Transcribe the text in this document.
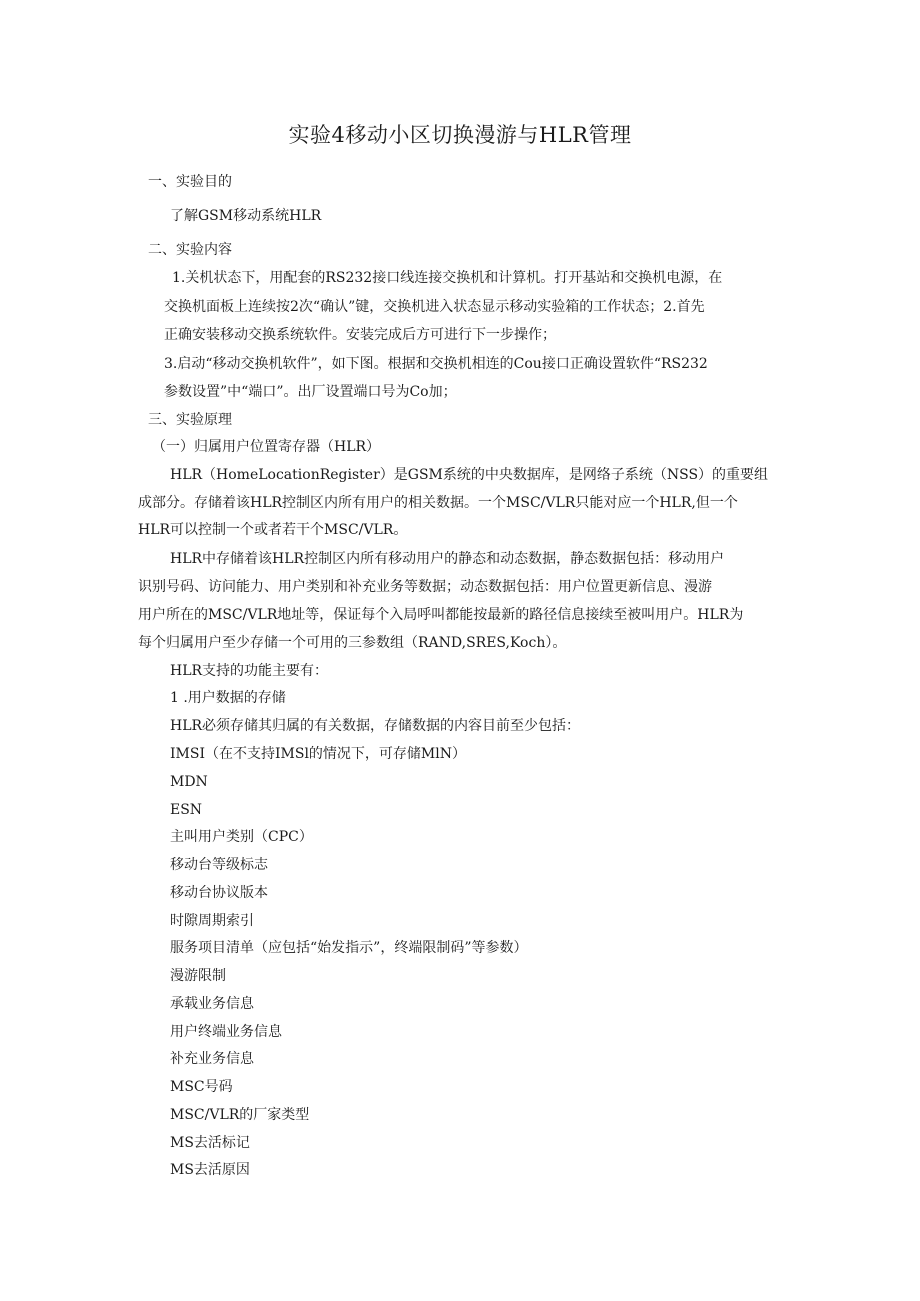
实验4移动小区切换漫游与HLR管理

一、实验目的

了解GSM移动系统HLR

二、实验内容

1.关机状态下，用配套的RS232接口线连接交换机和计算机。打开基站和交换机电源，在

交换机面板上连续按2次“确认”键，交换机进入状态显示移动实验箱的工作状态；2.首先

正确安装移动交换系统软件。安装完成后方可进行下一步操作；

3.启动“移动交换机软件”，如下图。根据和交换机相连的Cou接口正确设置软件“RS232

参数设置”中“端口”。出厂设置端口号为Co加；

三、实验原理

（一）归属用户位置寄存器（HLR）

HLR（HomeLocationRegister）是GSM系统的中央数据库，是网络子系统（NSS）的重要组

成部分。存储着该HLR控制区内所有用户的相关数据。一个MSC/VLR只能对应一个HLR,但一个

HLR可以控制一个或者若干个MSC/VLR。

HLR中存储着该HLR控制区内所有移动用户的静态和动态数据，静态数据包括：移动用户

识别号码、访问能力、用户类别和补充业务等数据；动态数据包括：用户位置更新信息、漫游

用户所在的MSC/VLR地址等，保证每个入局呼叫都能按最新的路径信息接续至被叫用户。HLR为

每个归属用户至少存储一个可用的三参数组（RAND,SRES,Koch）。

HLR支持的功能主要有：

1 .用户数据的存储

HLR必须存储其归属的有关数据，存储数据的内容目前至少包括：

IMSI（在不支持IMSl的情况下，可存储MlN）

MDN

ESN

主叫用户类别（CPC）

移动台等级标志

移动台协议版本

时隙周期索引

服务项目清单（应包括“始发指示”，终端限制码”等参数）

漫游限制

承载业务信息

用户终端业务信息

补充业务信息

MSC号码

MSC/VLR的厂家类型

MS去活标记

MS去活原因
